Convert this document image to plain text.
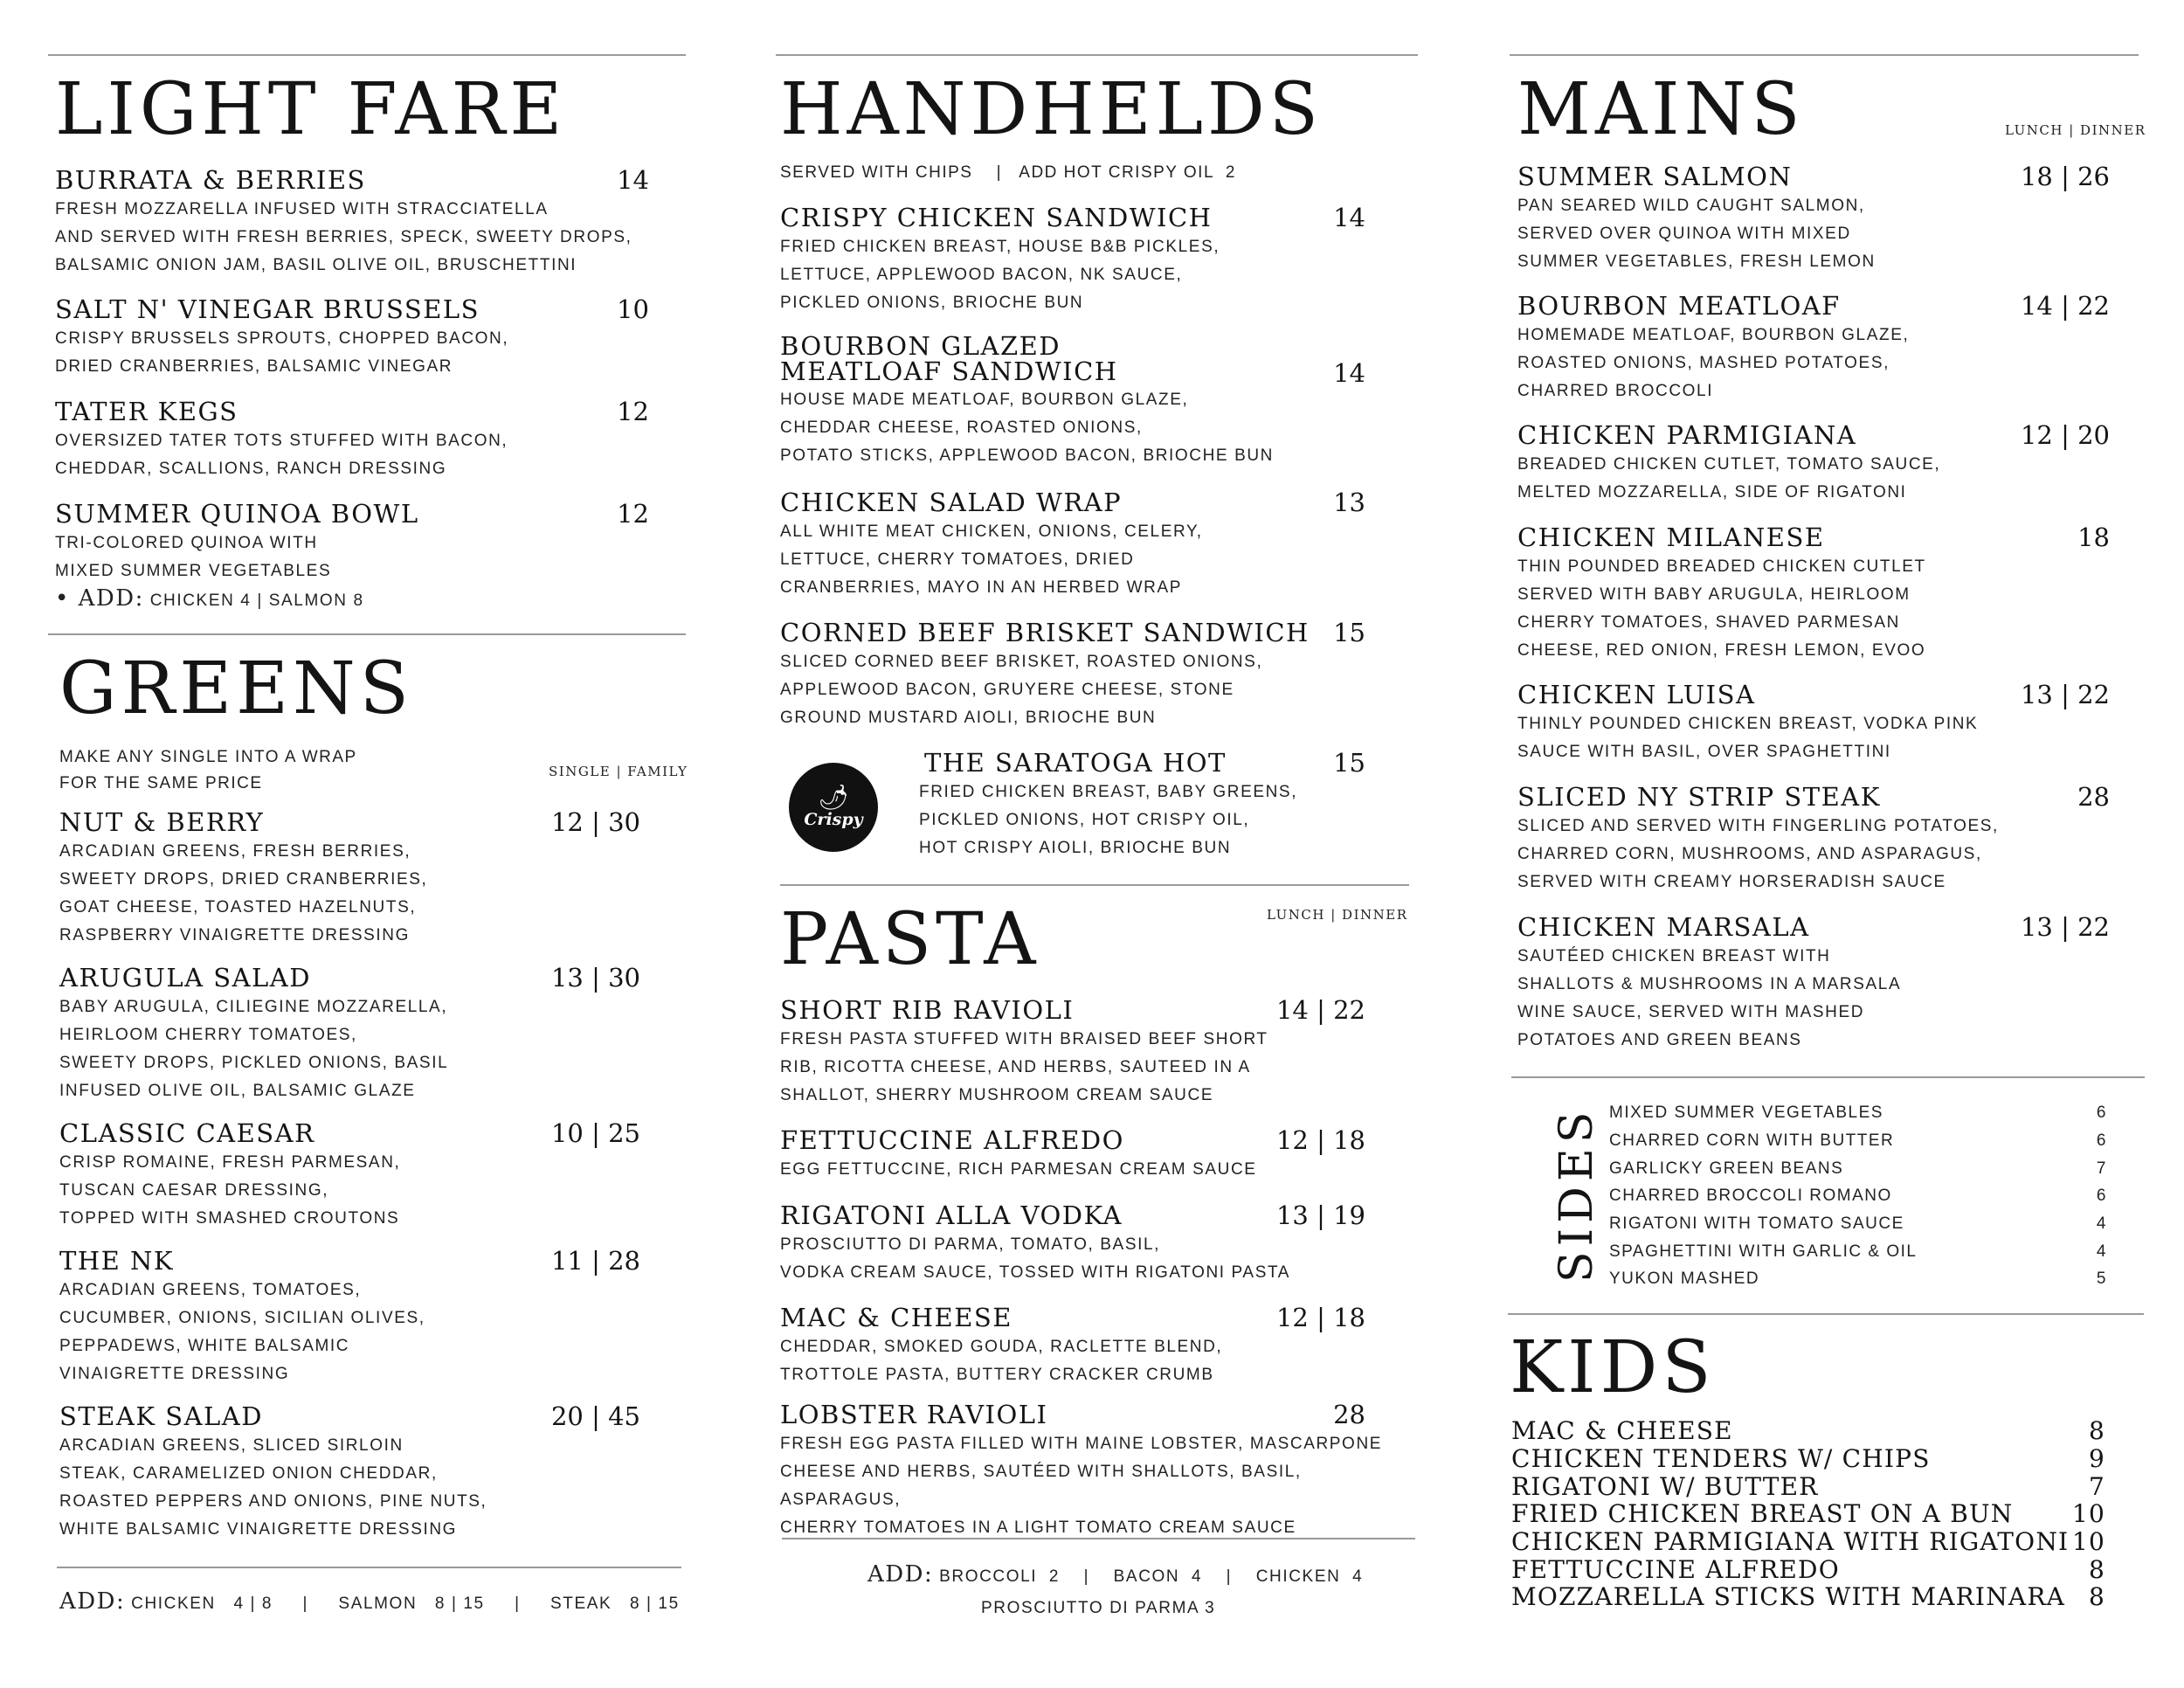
LIGHT FARE
BURRATA & BERRIES	14
FRESH MOZZARELLA INFUSED WITH STRACCIATELLA
AND SERVED WITH FRESH BERRIES, SPECK, SWEETY DROPS,
BALSAMIC ONION JAM, BASIL OLIVE OIL, BRUSCHETTINI
SALT N' VINEGAR BRUSSELS	10
CRISPY BRUSSELS SPROUTS, CHOPPED BACON,
DRIED CRANBERRIES, BALSAMIC VINEGAR
TATER KEGS	12
OVERSIZED TATER TOTS STUFFED WITH BACON,
CHEDDAR, SCALLIONS, RANCH DRESSING
SUMMER QUINOA BOWL	12
TRI-COLORED QUINOA WITH
MIXED SUMMER VEGETABLES
• ADD: CHICKEN 4 | SALMON 8
GREENS
MAKE ANY SINGLE INTO A WRAP
FOR THE SAME PRICE
SINGLE | FAMILY
NUT & BERRY	12 | 30
ARCADIAN GREENS, FRESH BERRIES,
SWEETY DROPS, DRIED CRANBERRIES,
GOAT CHEESE, TOASTED HAZELNUTS,
RASPBERRY VINAIGRETTE DRESSING
ARUGULA SALAD	13 | 30
BABY ARUGULA, CILIEGINE MOZZARELLA,
HEIRLOOM CHERRY TOMATOES,
SWEETY DROPS, PICKLED ONIONS, BASIL
INFUSED OLIVE OIL, BALSAMIC GLAZE
CLASSIC CAESAR	10 | 25
CRISP ROMAINE, FRESH PARMESAN,
TUSCAN CAESAR DRESSING,
TOPPED WITH SMASHED CROUTONS
THE NK	11 | 28
ARCADIAN GREENS, TOMATOES,
CUCUMBER, ONIONS, SICILIAN OLIVES,
PEPPADEWS, WHITE BALSAMIC
VINAIGRETTE DRESSING
STEAK SALAD	20 | 45
ARCADIAN GREENS, SLICED SIRLOIN
STEAK, CARAMELIZED ONION CHEDDAR,
ROASTED PEPPERS AND ONIONS, PINE NUTS,
WHITE BALSAMIC VINAIGRETTE DRESSING
ADD: CHICKEN   4 | 8     |     SALMON   8 | 15     |     STEAK   8 | 15
HANDHELDS
SERVED WITH CHIPS    |   ADD HOT CRISPY OIL  2
CRISPY CHICKEN SANDWICH	14
FRIED CHICKEN BREAST, HOUSE B&B PICKLES,
LETTUCE, APPLEWOOD BACON, NK SAUCE,
PICKLED ONIONS, BRIOCHE BUN
BOURBON GLAZED
MEATLOAF SANDWICH	14
HOUSE MADE MEATLOAF, BOURBON GLAZE,
CHEDDAR CHEESE, ROASTED ONIONS,
POTATO STICKS, APPLEWOOD BACON, BRIOCHE BUN
CHICKEN SALAD WRAP	13
ALL WHITE MEAT CHICKEN, ONIONS, CELERY,
LETTUCE, CHERRY TOMATOES, DRIED
CRANBERRIES, MAYO IN AN HERBED WRAP
CORNED BEEF BRISKET SANDWICH 15
SLICED CORNED BEEF BRISKET, ROASTED ONIONS,
APPLEWOOD BACON, GRUYERE CHEESE, STONE
GROUND MUSTARD AIOLI, BRIOCHE BUN
🌶
Crispy
THE SARATOGA HOT	15
FRIED CHICKEN BREAST, BABY GREENS,
PICKLED ONIONS, HOT CRISPY OIL,
HOT CRISPY AIOLI, BRIOCHE BUN
PASTA	LUNCH | DINNER
SHORT RIB RAVIOLI	14 | 22
FRESH PASTA STUFFED WITH BRAISED BEEF SHORT
RIB, RICOTTA CHEESE, AND HERBS, SAUTEED IN A
SHALLOT, SHERRY MUSHROOM CREAM SAUCE
FETTUCCINE ALFREDO	12 | 18
EGG FETTUCCINE, RICH PARMESAN CREAM SAUCE
RIGATONI ALLA VODKA	13 | 19
PROSCIUTTO DI PARMA, TOMATO, BASIL,
VODKA CREAM SAUCE, TOSSED WITH RIGATONI PASTA
MAC & CHEESE	12 | 18
CHEDDAR, SMOKED GOUDA, RACLETTE BLEND,
TROTTOLE PASTA, BUTTERY CRACKER CRUMB
LOBSTER RAVIOLI	28
FRESH EGG PASTA FILLED WITH MAINE LOBSTER, MASCARPONE
CHEESE AND HERBS, SAUTÉED WITH SHALLOTS, BASIL, ASPARAGUS,
CHERRY TOMATOES IN A LIGHT TOMATO CREAM SAUCE
ADD: BROCCOLI  2    |    BACON  4    |    CHICKEN  4
PROSCIUTTO DI PARMA 3
MAINS	LUNCH | DINNER
SUMMER SALMON	18 | 26
PAN SEARED WILD CAUGHT SALMON,
SERVED OVER QUINOA WITH MIXED
SUMMER VEGETABLES, FRESH LEMON
BOURBON MEATLOAF	14 | 22
HOMEMADE MEATLOAF, BOURBON GLAZE,
ROASTED ONIONS, MASHED POTATOES,
CHARRED BROCCOLI
CHICKEN PARMIGIANA	12 | 20
BREADED CHICKEN CUTLET, TOMATO SAUCE,
MELTED MOZZARELLA, SIDE OF RIGATONI
CHICKEN MILANESE	18
THIN POUNDED BREADED CHICKEN CUTLET
SERVED WITH BABY ARUGULA, HEIRLOOM
CHERRY TOMATOES, SHAVED PARMESAN
CHEESE, RED ONION, FRESH LEMON, EVOO
CHICKEN LUISA	13 | 22
THINLY POUNDED CHICKEN BREAST, VODKA PINK
SAUCE WITH BASIL, OVER SPAGHETTINI
SLICED NY STRIP STEAK	28
SLICED AND SERVED WITH FINGERLING POTATOES,
CHARRED CORN, MUSHROOMS, AND ASPARAGUS,
SERVED WITH CREAMY HORSERADISH SAUCE
CHICKEN MARSALA	13 | 22
SAUTÉED CHICKEN BREAST WITH
SHALLOTS & MUSHROOMS IN A MARSALA
WINE SAUCE, SERVED WITH MASHED
POTATOES AND GREEN BEANS
SIDES MIXED SUMMER VEGETABLES	6
CHARRED CORN WITH BUTTER	6
GARLICKY GREEN BEANS	7
CHARRED BROCCOLI ROMANO	6
RIGATONI WITH TOMATO SAUCE	4
SPAGHETTINI WITH GARLIC & OIL	4
YUKON MASHED	5
KIDS
MAC & CHEESE	8
CHICKEN TENDERS W/ CHIPS	9
RIGATONI W/ BUTTER	7
FRIED CHICKEN BREAST ON A BUN 10
CHICKEN PARMIGIANA WITH RIGATONI 10
FETTUCCINE ALFREDO	8
MOZZARELLA STICKS WITH MARINARA 8
